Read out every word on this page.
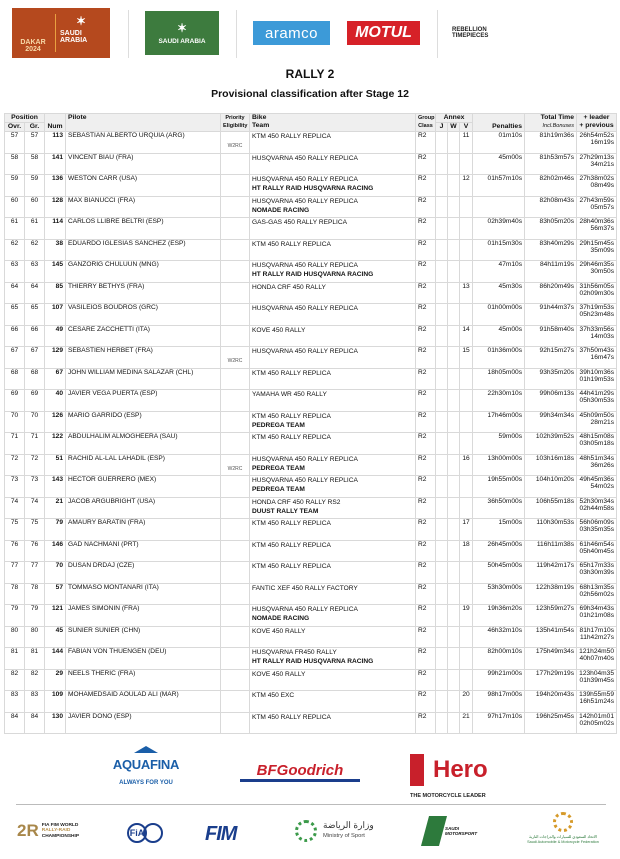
DAKAR
2024
✶
SAUDI ARABIA
✶
SAUDI ARABIA	aramco	MOTUL	REBELLION TIMEPIECES
RALLY 2
Provisional classification after Stage 12
Position		Num	Pilote	Priority
Eligibility	Bike
Team	Group
Class	Annex			Penalties	Total Time
Incl.Bonuses	+ leader
+ previous
Ovr.	Gr.						J	W	V			
57	57	113	SEBASTIAN ALBERTO URQUIA (ARG)	W2RC	KTM 450 RALLY REPLICA	R2			11	01m10s	81h19m36s	26h54m52s
16m19s

58	58	141	VINCENT BIAU (FRA)		HUSQVARNA 450 RALLY REPLICA	R2				45m00s	81h53m57s	27h29m13s
34m21s

59	59	136	WESTON CARR (USA)		HUSQVARNA 450 RALLY REPLICA
HT RALLY RAID HUSQVARNA RACING	R2			12	01h57m10s	82h02m46s	27h38m02s
08m49s

60	60	128	MAX BIANUCCI (FRA)		HUSQVARNA 450 RALLY REPLICA
NOMADE RACING	R2					82h08m43s	27h43m59s
05m57s

61	61	114	CARLOS LLIBRE BELTRI (ESP)		GAS-GAS 450 RALLY REPLICA	R2				02h39m40s	83h05m20s	28h40m36s
56m37s

62	62	38	EDUARDO IGLESIAS SANCHEZ (ESP)		KTM 450 RALLY REPLICA	R2				01h15m30s	83h40m29s	29h15m45s
35m09s

63	63	145	GANZORIG CHULUUN (MNG)		HUSQVARNA 450 RALLY REPLICA
HT RALLY RAID HUSQVARNA RACING	R2				47m10s	84h11m19s	29h46m35s
30m50s

64	64	85	THIERRY BETHYS (FRA)		HONDA CRF 450 RALLY	R2			13	45m30s	86h20m49s	31h56m05s
02h09m30s

65	65	107	VASILEIOS BOUDROS (GRC)		HUSQVARNA 450 RALLY REPLICA	R2				01h00m00s	91h44m37s	37h19m53s
05h23m48s

66	66	49	CESARE ZACCHETTI (ITA)		KOVE 450 RALLY	R2			14	45m00s	91h58m40s	37h33m56s
14m03s

67	67	129	SÉBASTIEN HERBET (FRA)	W2RC	HUSQVARNA 450 RALLY REPLICA	R2			15	01h36m00s	92h15m27s	37h50m43s
16m47s

68	68	67	JOHN WILLIAM MEDINA SALAZAR (CHL)		KTM 450 RALLY REPLICA	R2				18h05m00s	93h35m20s	39h10m36s
01h19m53s

69	69	40	JAVIER VEGA PUERTA (ESP)		YAMAHA WR 450 RALLY	R2				22h30m10s	99h06m13s	44h41m29s
05h30m53s

70	70	126	MARIO GARRIDO (ESP)		KTM 450 RALLY REPLICA
PEDREGA TEAM	R2				17h46m00s	99h34m34s	45h09m50s
28m21s

71	71	122	ABDULHALIM ALMOGHEERA (SAU)		KTM 450 RALLY REPLICA	R2				59m00s	102h39m52s	48h15m08s
03h05m18s

72	72	51	RACHID AL-LAL LAHADIL (ESP)	W2RC	HUSQVARNA 450 RALLY REPLICA
PEDREGA TEAM	R2			16	13h00m00s	103h16m18s	48h51m34s
36m26s

73	73	143	HECTOR GUERRERO (MEX)		HUSQVARNA 450 RALLY REPLICA
PEDREGA TEAM	R2				19h55m00s	104h10m20s	49h45m36s
54m02s

74	74	21	JACOB ARGUBRIGHT (USA)		HONDA CRF 450 RALLY RS2
DUUST RALLY TEAM	R2				36h50m00s	106h55m18s	52h30m34s
02h44m58s

75	75	79	AMAURY BARATIN (FRA)		KTM 450 RALLY REPLICA	R2			17	15m00s	110h30m53s	56h06m09s
03h35m35s

76	76	146	GAD NACHMANI (PRT)		KTM 450 RALLY REPLICA	R2			18	26h45m00s	116h11m38s	61h46m54s
05h40m45s

77	77	70	DUSAN DRDAJ (CZE)		KTM 450 RALLY REPLICA	R2				50h45m00s	119h42m17s	65h17m33s
03h30m39s

78	78	57	TOMMASO MONTANARI (ITA)		FANTIC XEF 450 RALLY FACTORY	R2				53h30m00s	122h38m19s	68h13m35s
02h56m02s

79	79	121	JAMES SIMONIN (FRA)		HUSQVARNA 450 RALLY REPLICA
NOMADE RACING	R2			19	19h36m20s	123h59m27s	69h34m43s
01h21m08s

80	80	45	SUNIER SUNIER (CHN)		KOVE 450 RALLY	R2				46h32m10s	135h41m54s	81h17m10s
11h42m27s

81	81	144	FABIAN VON THUENGEN (DEU)		HUSQVARNA FR450 RALLY
HT RALLY RAID HUSQVARNA RACING	R2				82h00m10s	175h49m34s	121h24m50
40h07m40s

82	82	29	NEELS THERIC (FRA)		KOVE 450 RALLY	R2				99h21m00s	177h29m19s	123h04m35
01h39m45s

83	83	109	MOHAMEDSAID AOULAD ALI (MAR)		KTM 450 EXC	R2			20	98h17m00s	194h20m43s	139h55m59
16h51m24s

84	84	130	JAVIER DONO (ESP)		KTM 450 RALLY REPLICA	R2			21	97h17m10s	196h25m45s	142h01m01
02h05m02s
AQUAFINA
ALWAYS FOR YOU
BFGoodrich	Hero
THE MOTORCYCLE LEADER
2R FIA FIM WORLD
RALLY-RAID
CHAMPIONSHIP	FiA	FIM	وزارة الرياضة
Ministry of Sport
SAUDI
MOTORSPORT
الاتحاد السعودي للسيارات والدراجات النارية
Saudi Automobile & Motorcycle Federation
